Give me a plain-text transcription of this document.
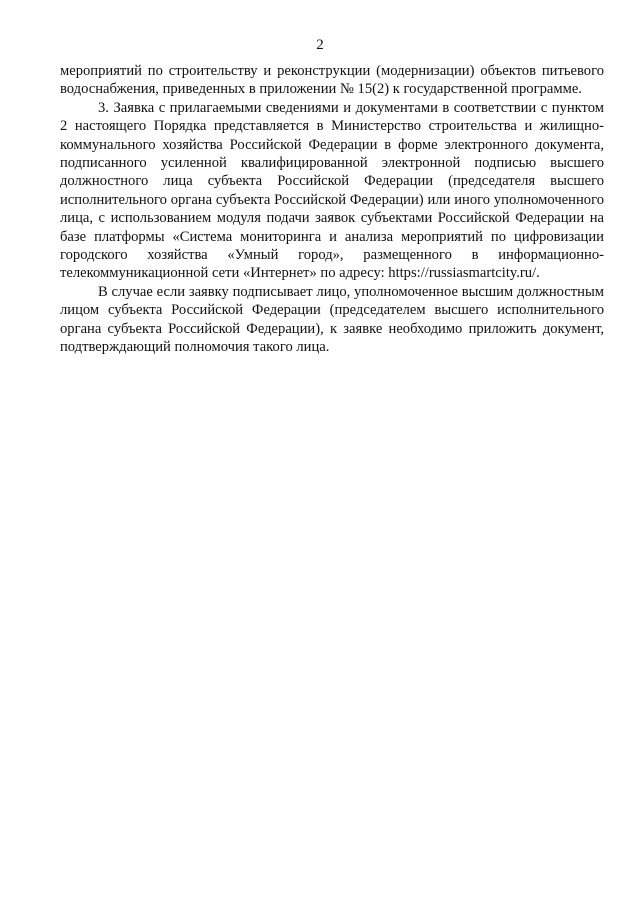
2

мероприятий по строительству и реконструкции (модернизации) объектов питьевого водоснабжения, приведенных в приложении № 15(2) к государственной программе.

3. Заявка с прилагаемыми сведениями и документами в соответствии с пунктом 2 настоящего Порядка представляется в Министерство строительства и жилищно-коммунального хозяйства Российской Федерации в форме электронного документа, подписанного усиленной квалифицированной электронной подписью высшего должностного лица субъекта Российской Федерации (председателя высшего исполнительного органа субъекта Российской Федерации) или иного уполномоченного лица, с использованием модуля подачи заявок субъектами Российской Федерации на базе платформы «Система мониторинга и анализа мероприятий по цифровизации городского хозяйства «Умный город», размещенного в информационно-телекоммуникационной сети «Интернет» по адресу: https://russiasmartcity.ru/.

В случае если заявку подписывает лицо, уполномоченное высшим должностным лицом субъекта Российской Федерации (председателем высшего исполнительного органа субъекта Российской Федерации), к заявке необходимо приложить документ, подтверждающий полномочия такого лица.
